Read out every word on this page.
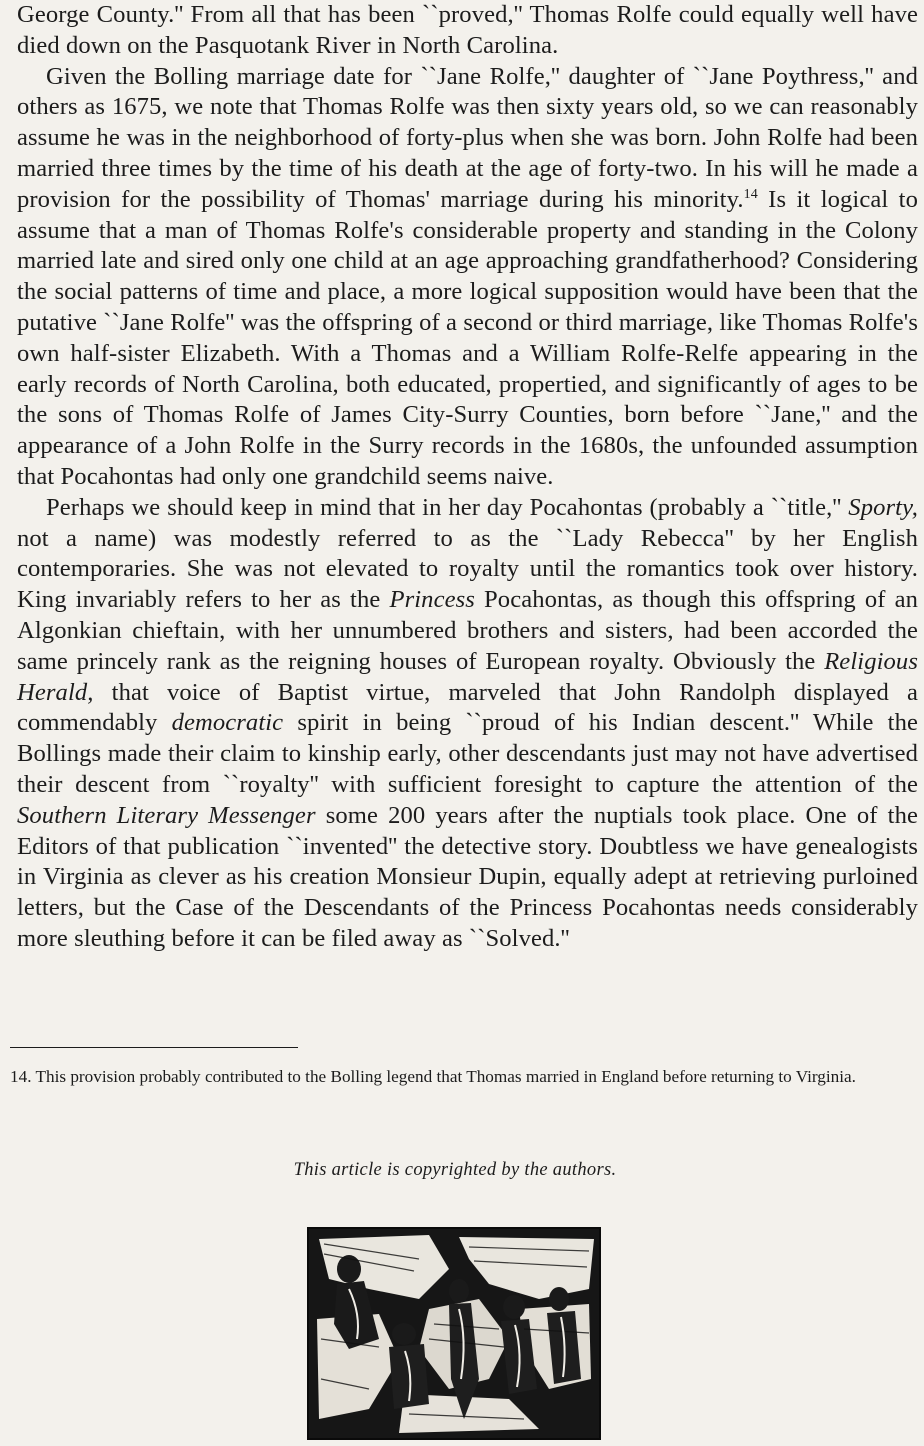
George County.'' From all that has been ``proved,'' Thomas Rolfe could equally well have died down on the Pasquotank River in North Carolina.

Given the Bolling marriage date for ``Jane Rolfe,'' daughter of ``Jane Poythress,'' and others as 1675, we note that Thomas Rolfe was then sixty years old, so we can reasonably assume he was in the neighborhood of forty-plus when she was born. John Rolfe had been married three times by the time of his death at the age of forty-two. In his will he made a provision for the possibility of Thomas' marriage during his minority.$^{14}$ Is it logical to assume that a man of Thomas Rolfe's considerable property and standing in the Colony married late and sired only one child at an age approaching grandfatherhood? Considering the social patterns of time and place, a more logical supposition would have been that the putative ``Jane Rolfe'' was the offspring of a second or third marriage, like Thomas Rolfe's own half-sister Elizabeth. With a Thomas and a William Rolfe-Relfe appearing in the early records of North Carolina, both educated, propertied, and significantly of ages to be the sons of Thomas Rolfe of James City-Surry Counties, born before ``Jane,'' and the appearance of a John Rolfe in the Surry records in the 1680s, the unfounded assumption that Pocahontas had only one grandchild seems naive.

Perhaps we should keep in mind that in her day Pocahontas (probably a ``title,'' Sporty, not a name) was modestly referred to as the ``Lady Rebecca'' by her English contemporaries. She was not elevated to royalty until the romantics took over history. King invariably refers to her as the Princess Pocahontas, as though this offspring of an Algonkian chieftain, with her unnumbered brothers and sisters, had been accorded the same princely rank as the reigning houses of European royalty. Obviously the Religious Herald, that voice of Baptist virtue, marveled that John Randolph displayed a commendably democratic spirit in being ``proud of his Indian descent.'' While the Bollings made their claim to kinship early, other descendants just may not have advertised their descent from ``royalty'' with sufficient foresight to capture the attention of the Southern Literary Messenger some 200 years after the nuptials took place. One of the Editors of that publication ``invented'' the detective story. Doubtless we have genealogists in Virginia as clever as his creation Monsieur Dupin, equally adept at retrieving purloined letters, but the Case of the Descendants of the Princess Pocahontas needs considerably more sleuthing before it can be filed away as ``Solved.''

14. This provision probably contributed to the Bolling legend that Thomas married in England before returning to Virginia.
This article is copyrighted by the authors.
